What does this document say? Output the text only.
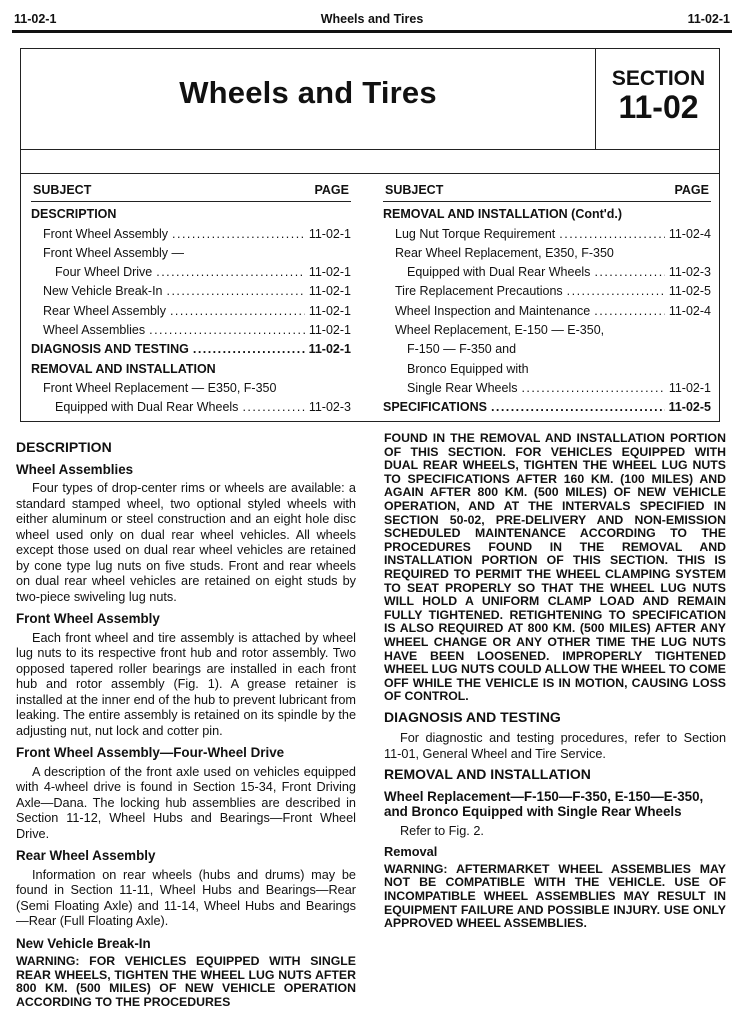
11-02-1	Wheels and Tires	11-02-1
Wheels and Tires	SECTION
11-02
SUBJECT	PAGE
DESCRIPTION
Front Wheel Assembly . . .	11-02-1
Front Wheel Assembly —
Four Wheel Drive . . .	11-02-1
New Vehicle Break-In . . .	11-02-1
Rear Wheel Assembly . . .	11-02-1
Wheel Assemblies . . .	11-02-1
DIAGNOSIS AND TESTING . . .	11-02-1
REMOVAL AND INSTALLATION
Front Wheel Replacement — E350, F-350
Equipped with Dual Rear Wheels . . .	11-02-3
SUBJECT	PAGE
REMOVAL AND INSTALLATION (Cont'd.)
Lug Nut Torque Requirement . . .	11-02-4
Rear Wheel Replacement, E350, F-350
Equipped with Dual Rear Wheels . . .	11-02-3
Tire Replacement Precautions . . .	11-02-5
Wheel Inspection and Maintenance . . .	11-02-4
Wheel Replacement, E-150 — E-350,
F-150 — F-350 and
Bronco Equipped with
Single Rear Wheels . . .	11-02-1
SPECIFICATIONS . . .	11-02-5
DESCRIPTION
Wheel Assemblies

Four types of drop-center rims or wheels are available: a standard stamped wheel, two optional styled wheels with either aluminum or steel construction and an eight hole disc wheel used only on dual rear wheel vehicles. All wheels except those used on dual rear wheel vehicles are retained by cone type lug nuts on five studs. Front and rear wheels on dual rear wheel vehicles are retained on eight studs by two-piece swiveling lug nuts.

Front Wheel Assembly

Each front wheel and tire assembly is attached by wheel lug nuts to its respective front hub and rotor assembly. Two opposed tapered roller bearings are installed in each front hub and rotor assembly (Fig. 1). A grease retainer is installed at the inner end of the hub to prevent lubricant from leaking. The entire assembly is retained on its spindle by the adjusting nut, nut lock and cotter pin.

Front Wheel Assembly—Four-Wheel Drive

A description of the front axle used on vehicles equipped with 4-wheel drive is found in Section 15-34, Front Driving Axle—Dana. The locking hub assemblies are described in Section 11-12, Wheel Hubs and Bearings—Front Wheel Drive.

Rear Wheel Assembly

Information on rear wheels (hubs and drums) may be found in Section 11-11, Wheel Hubs and Bearings—Rear (Semi Floating Axle) and 11-14, Wheel Hubs and Bearings—Rear (Full Floating Axle).

New Vehicle Break-In

WARNING: FOR VEHICLES EQUIPPED WITH SINGLE REAR WHEELS, TIGHTEN THE WHEEL LUG NUTS AFTER 800 KM. (500 MILES) OF NEW VEHICLE OPERATION ACCORDING TO THE PROCEDURES

FOUND IN THE REMOVAL AND INSTALLATION PORTION OF THIS SECTION. FOR VEHICLES EQUIPPED WITH DUAL REAR WHEELS, TIGHTEN THE WHEEL LUG NUTS TO SPECIFICATIONS AFTER 160 KM. (100 MILES) AND AGAIN AFTER 800 KM. (500 MILES) OF NEW VEHICLE OPERATION, AND AT THE INTERVALS SPECIFIED IN SECTION 50-02, PRE-DELIVERY AND NON-EMISSION SCHEDULED MAINTENANCE ACCORDING TO THE PROCEDURES FOUND IN THE REMOVAL AND INSTALLATION PORTION OF THIS SECTION. THIS IS REQUIRED TO PERMIT THE WHEEL CLAMPING SYSTEM TO SEAT PROPERLY SO THAT THE WHEEL LUG NUTS WILL HOLD A UNIFORM CLAMP LOAD AND REMAIN FULLY TIGHTENED. RETIGHTENING TO SPECIFICATION IS ALSO REQUIRED AT 800 KM. (500 MILES) AFTER ANY WHEEL CHANGE OR ANY OTHER TIME THE LUG NUTS HAVE BEEN LOOSENED. IMPROPERLY TIGHTENED WHEEL LUG NUTS COULD ALLOW THE WHEEL TO COME OFF WHILE THE VEHICLE IS IN MOTION, CAUSING LOSS OF CONTROL.

DIAGNOSIS AND TESTING

For diagnostic and testing procedures, refer to Section 11-01, General Wheel and Tire Service.

REMOVAL AND INSTALLATION
Wheel Replacement—F-150—F-350, E-150—E-350, and Bronco Equipped with Single Rear Wheels

Refer to Fig. 2.

Removal

WARNING: AFTERMARKET WHEEL ASSEMBLIES MAY NOT BE COMPATIBLE WITH THE VEHICLE. USE OF INCOMPATIBLE WHEEL ASSEMBLIES MAY RESULT IN EQUIPMENT FAILURE AND POSSIBLE INJURY. USE ONLY APPROVED WHEEL ASSEMBLIES.
